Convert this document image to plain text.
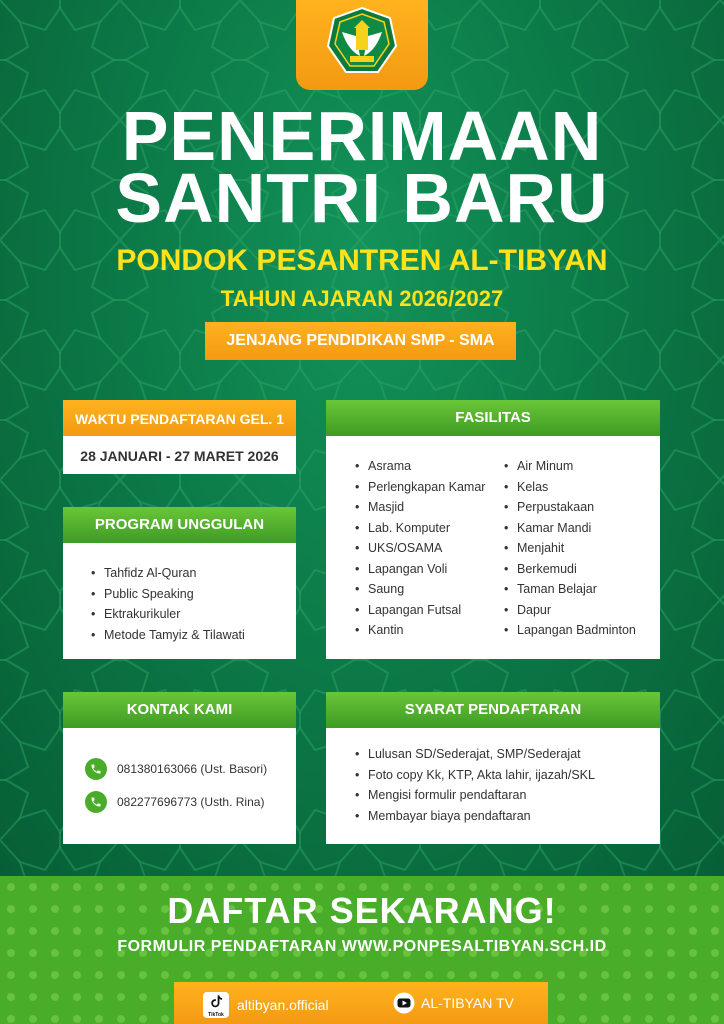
PENERIMAAN
SANTRI BARU
PONDOK PESANTREN AL-TIBYAN
TAHUN AJARAN 2026/2027
JENJANG PENDIDIKAN SMP - SMA
WAKTU PENDAFTARAN GEL. 1
28 JANUARI - 27 MARET 2026
• Tahfidz Al-Quran
• Public Speaking
• Ektrakurikuler
• Metode Tamyiz & Tilawati
PROGRAM UNGGULAN
• Asrama
• Perlengkapan Kamar
• Masjid
• Lab. Komputer
• UKS/OSAMA
• Lapangan Voli
• Saung
• Lapangan Futsal
• Kantin
• Air Minum
• Kelas
• Perpustakaan
• Kamar Mandi
• Menjahit
• Berkemudi
• Taman Belajar
• Dapur
• Lapangan Badminton
FASILITAS
KONTAK KAMI
081380163066 (Ust. Basori)
082277696773 (Usth. Rina)
• Lulusan SD/Sederajat, SMP/Sederajat
• Foto copy Kk, KTP, Akta lahir, ijazah/SKL
• Mengisi formulir pendaftaran
• Membayar biaya pendaftaran
SYARAT PENDAFTARAN
DAFTAR SEKARANG!
FORMULIR PENDAFTARAN WWW.PONPESALTIBYAN.SCH.ID
TikTok
altibyan.official	AL-TIBYAN TV
